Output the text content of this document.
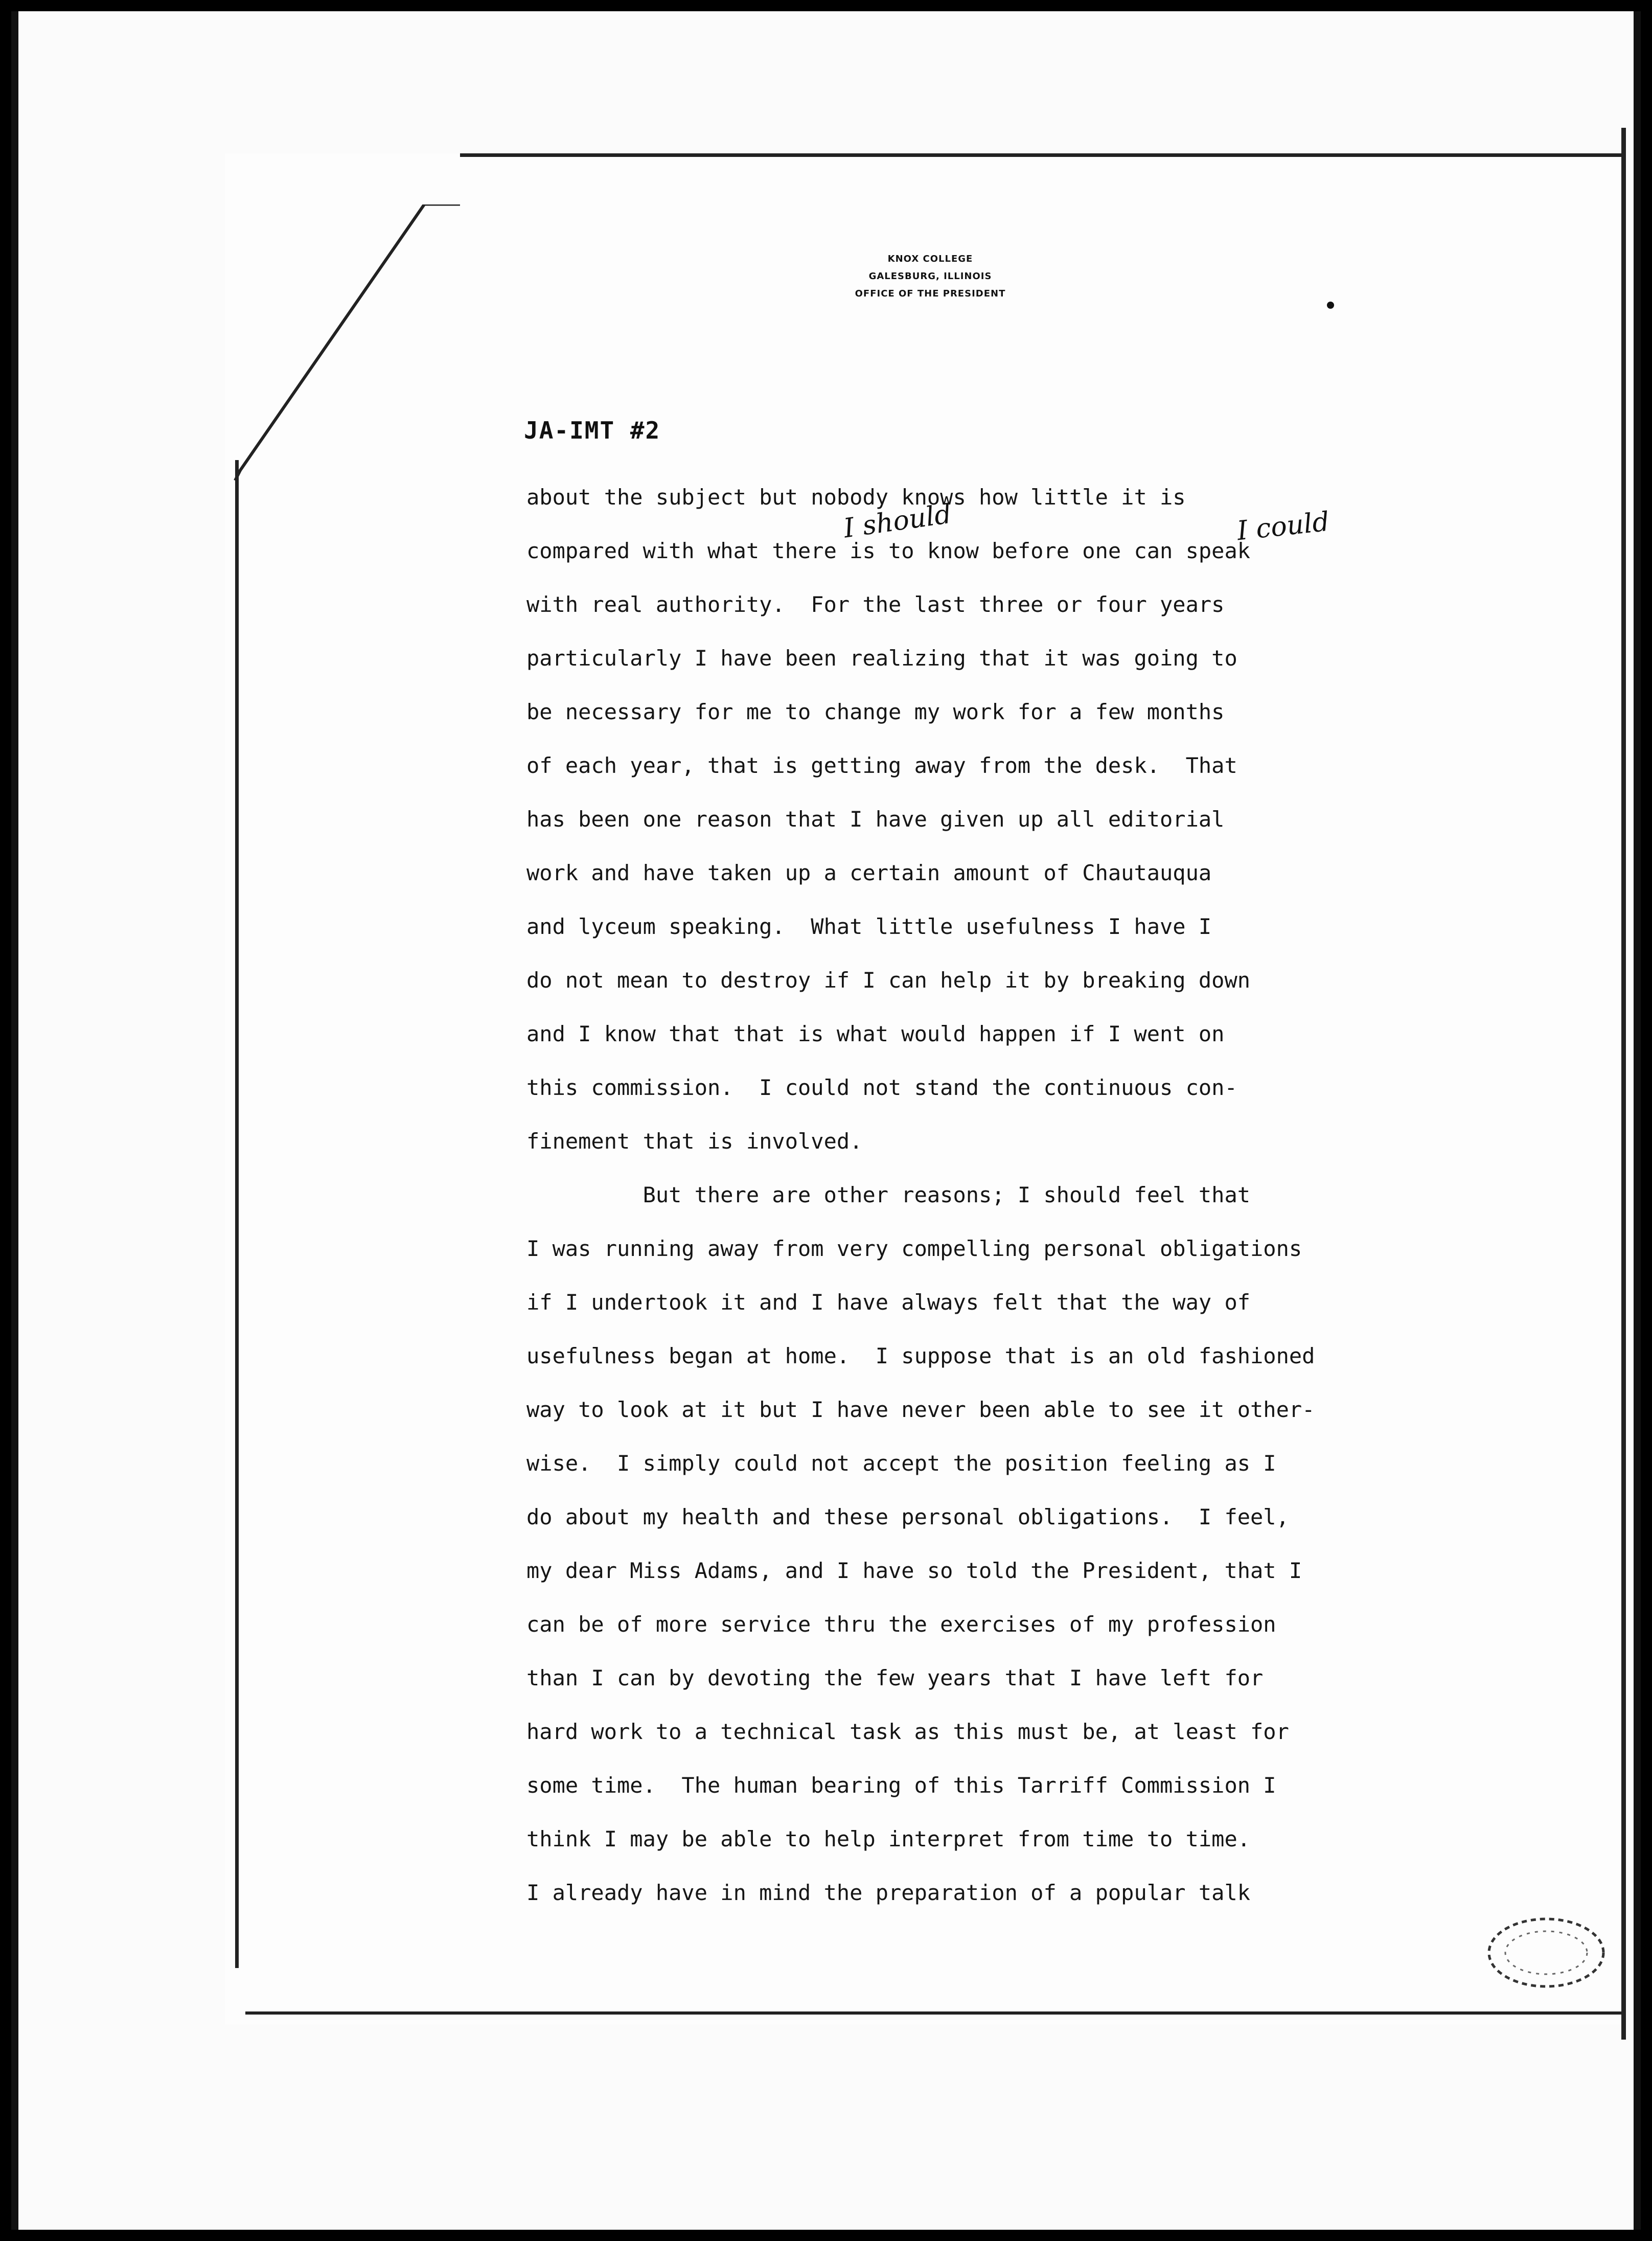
KNOX COLLEGE
GALESBURG, ILLINOIS
OFFICE OF THE PRESIDENT
JA-IMT #2
about the subject but nobody knows how little it is
compared with what there is to know before one can speak
with real authority.  For the last three or four years
particularly I have been realizing that it was going to
be necessary for me to change my work for a few months
of each year, that is getting away from the desk.  That
has been one reason that I have given up all editorial
work and have taken up a certain amount of Chautauqua
and lyceum speaking.  What little usefulness I have I
do not mean to destroy if I can help it by breaking down
and I know that that is what would happen if I went on
this commission.  I could not stand the continuous con-
finement that is involved.
But there are other reasons; I should feel that
I was running away from very compelling personal obligations
if I undertook it and I have always felt that the way of
usefulness began at home.  I suppose that is an old fashioned
way to look at it but I have never been able to see it other-
wise.  I simply could not accept the position feeling as I
do about my health and these personal obligations.  I feel,
my dear Miss Adams, and I have so told the President, that I
can be of more service thru the exercises of my profession
than I can by devoting the few years that I have left for
hard work to a technical task as this must be, at least for
some time.  The human bearing of this Tarriff Commission I
think I may be able to help interpret from time to time.
I already have in mind the preparation of a popular talk
I should	I could
